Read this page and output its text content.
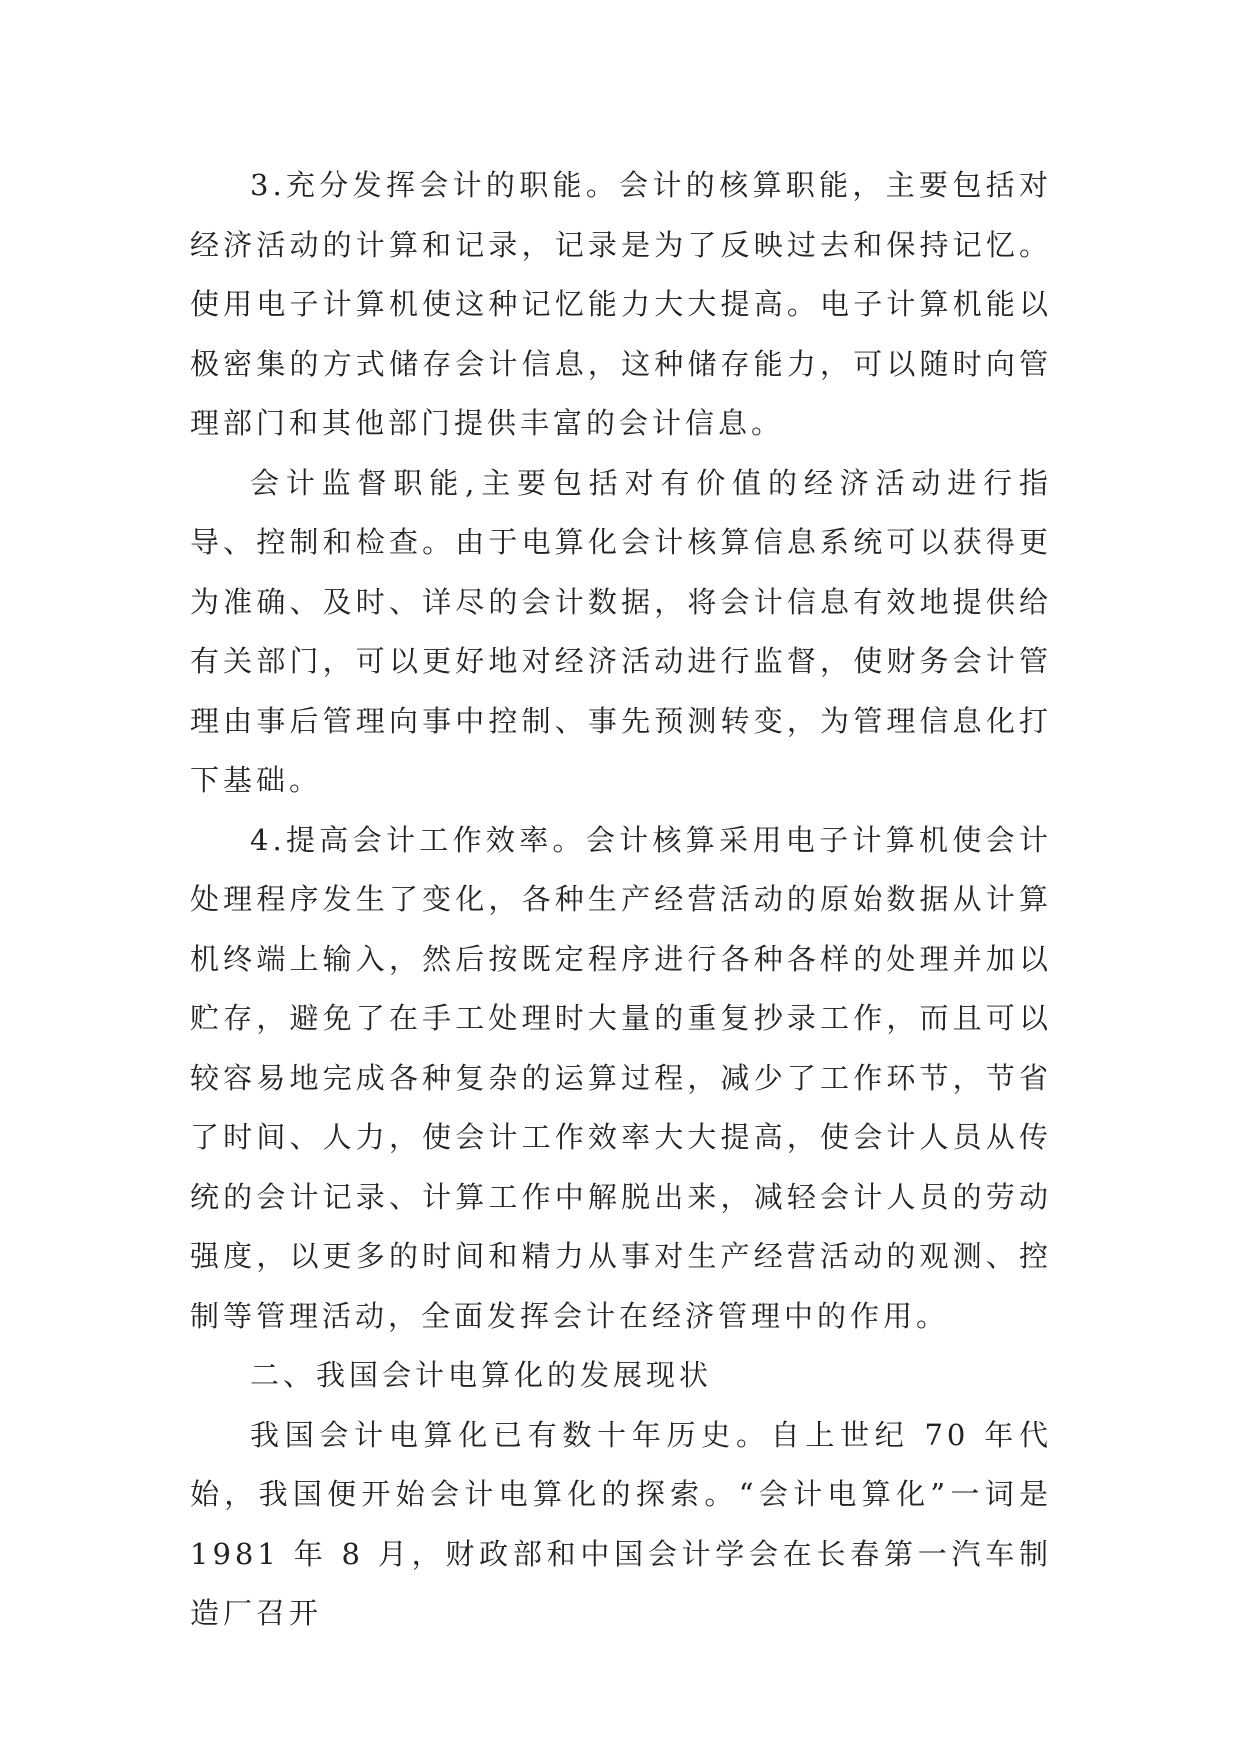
3.充分发挥会计的职能。会计的核算职能，主要包括对经济活动的计算和记录，记录是为了反映过去和保持记忆。使用电子计算机使这种记忆能力大大提高。电子计算机能以极密集的方式储存会计信息，这种储存能力，可以随时向管理部门和其他部门提供丰富的会计信息。

会计监督职能,主要包括对有价值的经济活动进行指导、控制和检查。由于电算化会计核算信息系统可以获得更为准确、及时、详尽的会计数据，将会计信息有效地提供给有关部门，可以更好地对经济活动进行监督，使财务会计管理由事后管理向事中控制、事先预测转变，为管理信息化打下基础。

4.提高会计工作效率。会计核算采用电子计算机使会计处理程序发生了变化，各种生产经营活动的原始数据从计算机终端上输入，然后按既定程序进行各种各样的处理并加以贮存，避免了在手工处理时大量的重复抄录工作，而且可以较容易地完成各种复杂的运算过程，减少了工作环节，节省了时间、人力，使会计工作效率大大提高，使会计人员从传统的会计记录、计算工作中解脱出来，减轻会计人员的劳动强度，以更多的时间和精力从事对生产经营活动的观测、控制等管理活动，全面发挥会计在经济管理中的作用。

二、我国会计电算化的发展现状

我国会计电算化已有数十年历史。自上世纪 70 年代始，我国便开始会计电算化的探索。“会计电算化”一词是 1981 年 8 月，财政部和中国会计学会在长春第一汽车制造厂召开
